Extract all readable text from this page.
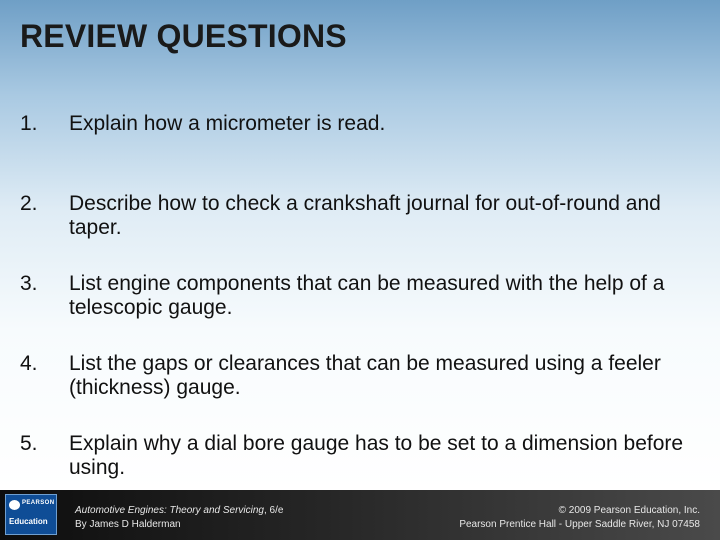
REVIEW QUESTIONS
1.	Explain how a micrometer is read.
2.	Describe how to check a crankshaft journal for out-of-round and taper.
3.	List engine components that can be measured with the help of a telescopic gauge.
4.	List the gaps or clearances that can be measured using a feeler (thickness) gauge.
5.	Explain why a dial bore gauge has to be set to a dimension before using.
PEARSON
Education
Automotive Engines: Theory and Servicing, 6/e
By James D Halderman
© 2009 Pearson Education, Inc.
Pearson Prentice Hall - Upper Saddle River, NJ 07458
